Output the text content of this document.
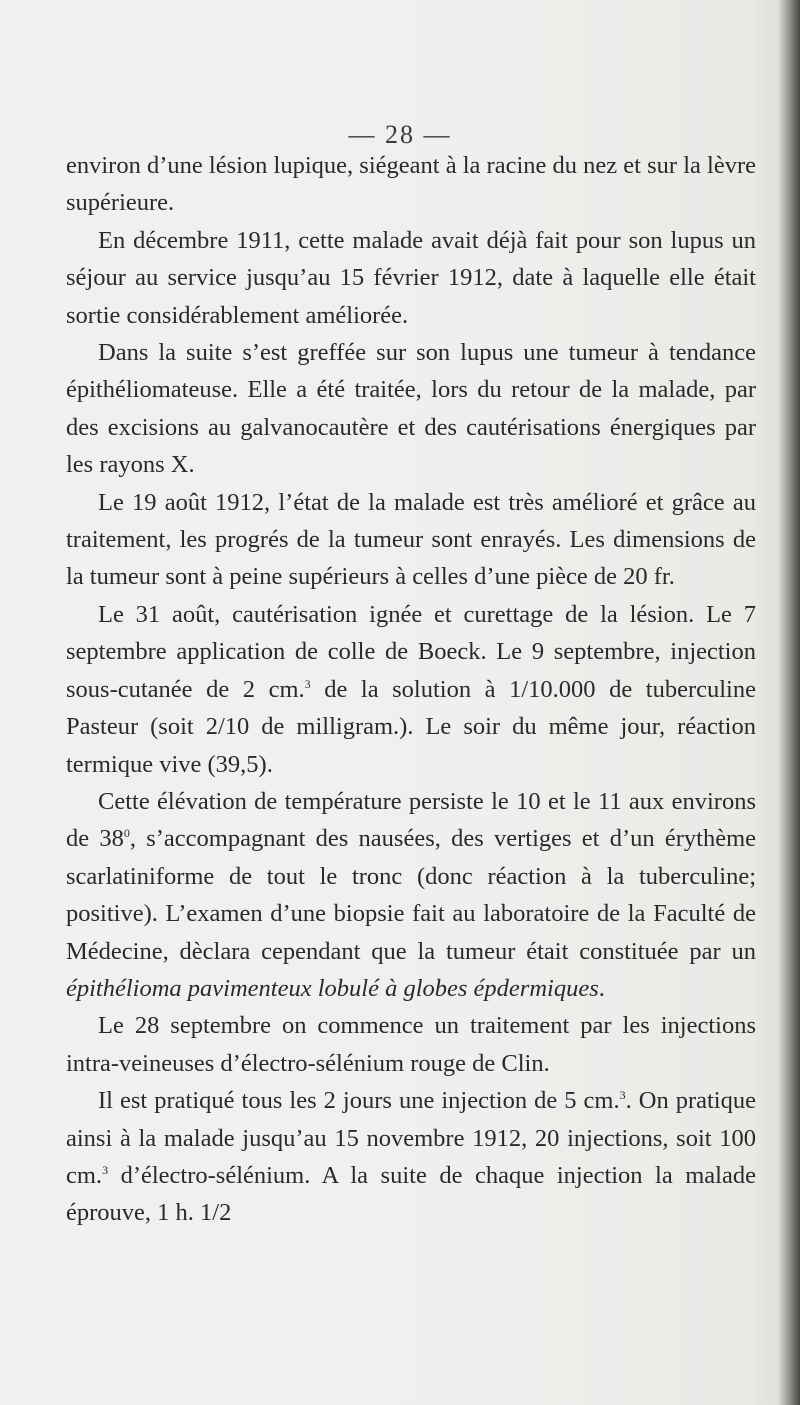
— 28 —

environ d’une lésion lupique, siégeant à la racine du nez et sur la lèvre supérieure.

En décembre 1911, cette malade avait déjà fait pour son lupus un séjour au service jusqu’au 15 février 1912, date à laquelle elle était sortie considérablement améliorée.

Dans la suite s’est greffée sur son lupus une tumeur à tendance épithéliomateuse. Elle a été traitée, lors du retour de la malade, par des excisions au galvanocautère et des cautérisations énergiques par les rayons X.

Le 19 août 1912, l’état de la malade est très amélioré et grâce au traitement, les progrés de la tumeur sont enrayés. Les dimensions de la tumeur sont à peine supérieurs à celles d’une pièce de 20 fr.

Le 31 août, cautérisation ignée et curettage de la lésion. Le 7 septembre application de colle de Boeck. Le 9 septembre, injection sous-cutanée de 2 cm.$^3$ de la solution à 1/10.000 de tuberculine Pasteur (soit 2/10 de milligram.). Le soir du même jour, réaction termique vive (39,5).

Cette élévation de température persiste le 10 et le 11 aux environs de $38^0$, s’accompagnant des nausées, des vertiges et d’un érythème scarlatiniforme de tout le tronc (donc réaction à la tuberculine; positive). L’examen d’une biopsie fait au laboratoire de la Faculté de Médecine, dèclara cependant que la tumeur était constituée par un épithélioma pavimenteux lobulé à globes épdermiques.

Le 28 septembre on commence un traitement par les injections intra-veineuses d’électro-sélénium rouge de Clin.

Il est pratiqué tous les 2 jours une injection de 5 cm.$^3$. On pratique ainsi à la malade jusqu’au 15 novembre 1912, 20 injections, soit 100 cm.$^3$ d’électro-sélénium. A la suite de chaque injection la malade éprouve, 1 h. 1/2
